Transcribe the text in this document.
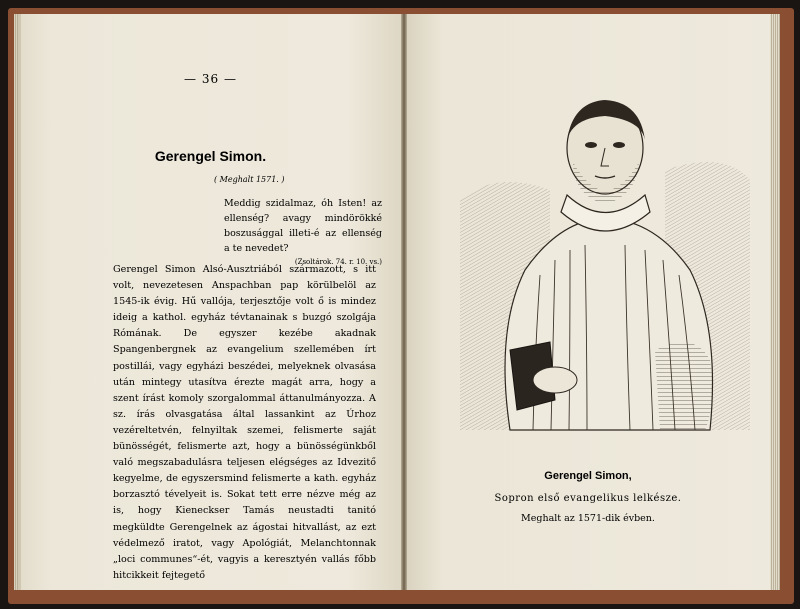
— 36 —
Gerengel Simon.
( Meghalt 1571. )
Meddig szidalmaz, óh Isten! az ellenség? avagy mindörökké boszusággal illeti-é az ellenség a te nevedet?
(Zsoltárok. 74. r. 10. vs.)
Gerengel Simon Alsó-Ausztriából származott, s itt volt, nevezetesen Anspachban pap körülbelöl az 1545-ik évig. Hű vallója, terjesztője volt ő is mindez ideig a kathol. egyház tévtanainak s buzgó szolgája Rómának. De egyszer kezébe akadnak Spangenbergnek az evangelium szellemében írt postillái, vagy egyházi beszédei, melyeknek olvasása után mintegy utasítva érezte magát arra, hogy a szent írást komoly szorgalommal áttanulmányozza. A sz. írás olvasgatása által lassankint az Úrhoz vezéreltetvén, felnyiltak szemei, felismerte saját bünösségét, felismerte azt, hogy a bünösségünkből való megszabadulásra teljesen elégséges az Idvezitő kegyelme, de egyszersmind felismerte a kath. egyház borzasztó tévelyeit is. Sokat tett erre nézve még az is, hogy Kieneckser Tamás neustadti tanitó megküldte Gerengelnek az ágostai hitvallást, az ezt védelmező iratot, vagy Apológiát, Melanchtonnak „loci communes“-ét, vagyis a keresztyén vallás főbb hitcikkeit fejtegető
Gerengel Simon,
Sopron első evangelikus lelkésze.
Meghalt az 1571-dik évben.
